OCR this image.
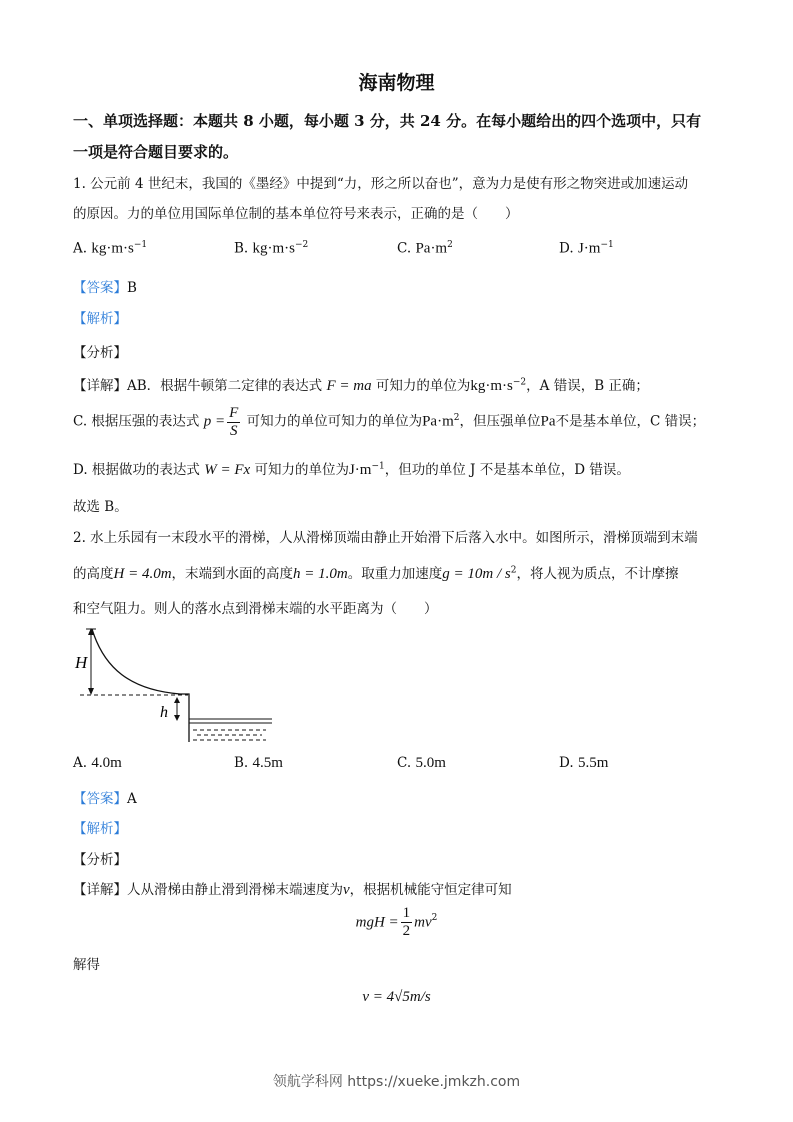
海南物理
一、单项选择题：本题共 8 小题，每小题 3 分，共 24 分。在每小题给出的四个选项中，只有
一项是符合题目要求的。
1. 公元前 4 世纪末，我国的《墨经》中提到“力，形之所以奋也”，意为力是使有形之物突进或加速运动
的原因。力的单位用国际单位制的基本单位符号来表示，正确的是（　　）
A. $kg\cdot m\cdot s^{-1}$	B. $kg\cdot m\cdot s^{-2}$	C. $Pa\cdot m^2$	D. $J\cdot m^{-1}$
【答案】B
【解析】
【分析】
【详解】AB．根据牛顿第二定律的表达式 F = ma 可知力的单位为$kg\cdot m\cdot s^{-2}$，A 错误，B 正确；
C. 根据压强的表达式 $p = \frac{F}{S}$ 可知力的单位可知力的单位为$Pa\cdot m^2$，但压强单位Pa不是基本单位，C 错误；
D. 根据做功的表达式 W = Fx 可知力的单位为$J\cdot m^{-1}$，但功的单位 J 不是基本单位，D 错误。
故选 B。
2. 水上乐园有一末段水平的滑梯，人从滑梯顶端由静止开始滑下后落入水中。如图所示，滑梯顶端到末端
的高度H = 4.0m，末端到水面的高度h = 1.0m。取重力加速度$g = 10m / s^2$，将人视为质点，不计摩擦
和空气阻力。则人的落水点到滑梯末端的水平距离为（　　）
H
h
A. 4.0m	B. 4.5m	C. 5.0m	D. 5.5m
【答案】A
【解析】
【分析】
【详解】人从滑梯由静止滑到滑梯末端速度为v，根据机械能守恒定律可知
mgH = $\frac{1}{2} mv^2$
解得
v = 4√5m/s
领航学科网 https://xueke.jmkzh.com
